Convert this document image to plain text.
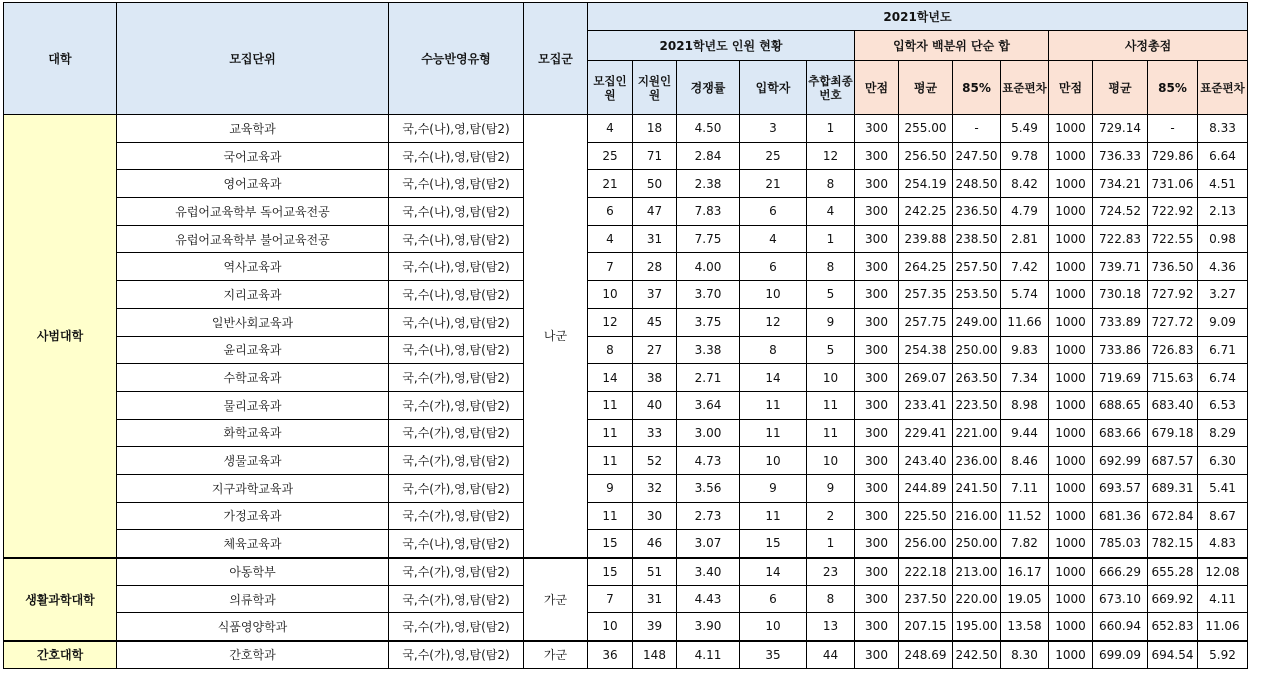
대학	모집단위	수능반영유형	모집군	2021학년도												
				2021학년도 인원 현황					입학자 백분위 단순 합				사정총점			
				모집인원	지원인원	경쟁률	입학자	추합최종번호	만점	평균	85%	표준편차	만점	평균	85%	표준편차
사범대학	교육학과	국,수(나),영,탐(탐2)	나군	4	18	4.50	3	1	300	255.00	-	5.49	1000	729.14	-	8.33
	국어교육과	국,수(나),영,탐(탐2)		25	71	2.84	25	12	300	256.50	247.50	9.78	1000	736.33	729.86	6.64
	영어교육과	국,수(나),영,탐(탐2)		21	50	2.38	21	8	300	254.19	248.50	8.42	1000	734.21	731.06	4.51
	유럽어교육학부 독어교육전공	국,수(나),영,탐(탐2)		6	47	7.83	6	4	300	242.25	236.50	4.79	1000	724.52	722.92	2.13
	유럽어교육학부 불어교육전공	국,수(나),영,탐(탐2)		4	31	7.75	4	1	300	239.88	238.50	2.81	1000	722.83	722.55	0.98
	역사교육과	국,수(나),영,탐(탐2)		7	28	4.00	6	8	300	264.25	257.50	7.42	1000	739.71	736.50	4.36
	지리교육과	국,수(나),영,탐(탐2)		10	37	3.70	10	5	300	257.35	253.50	5.74	1000	730.18	727.92	3.27
	일반사회교육과	국,수(나),영,탐(탐2)		12	45	3.75	12	9	300	257.75	249.00	11.66	1000	733.89	727.72	9.09
	윤리교육과	국,수(나),영,탐(탐2)		8	27	3.38	8	5	300	254.38	250.00	9.83	1000	733.86	726.83	6.71
	수학교육과	국,수(가),영,탐(탐2)		14	38	2.71	14	10	300	269.07	263.50	7.34	1000	719.69	715.63	6.74
	물리교육과	국,수(가),영,탐(탐2)		11	40	3.64	11	11	300	233.41	223.50	8.98	1000	688.65	683.40	6.53
	화학교육과	국,수(가),영,탐(탐2)		11	33	3.00	11	11	300	229.41	221.00	9.44	1000	683.66	679.18	8.29
	생물교육과	국,수(가),영,탐(탐2)		11	52	4.73	10	10	300	243.40	236.00	8.46	1000	692.99	687.57	6.30
	지구과학교육과	국,수(가),영,탐(탐2)		9	32	3.56	9	9	300	244.89	241.50	7.11	1000	693.57	689.31	5.41
	가정교육과	국,수(가),영,탐(탐2)		11	30	2.73	11	2	300	225.50	216.00	11.52	1000	681.36	672.84	8.67
	체육교육과	국,수(나),영,탐(탐2)		15	46	3.07	15	1	300	256.00	250.00	7.82	1000	785.03	782.15	4.83
생활과학대학	아동학부	국,수(가),영,탐(탐2)	가군	15	51	3.40	14	23	300	222.18	213.00	16.17	1000	666.29	655.28	12.08
	의류학과	국,수(가),영,탐(탐2)		7	31	4.43	6	8	300	237.50	220.00	19.05	1000	673.10	669.92	4.11
	식품영양학과	국,수(가),영,탐(탐2)		10	39	3.90	10	13	300	207.15	195.00	13.58	1000	660.94	652.83	11.06
간호대학	간호학과	국,수(가),영,탐(탐2)	가군	36	148	4.11	35	44	300	248.69	242.50	8.30	1000	699.09	694.54	5.92
